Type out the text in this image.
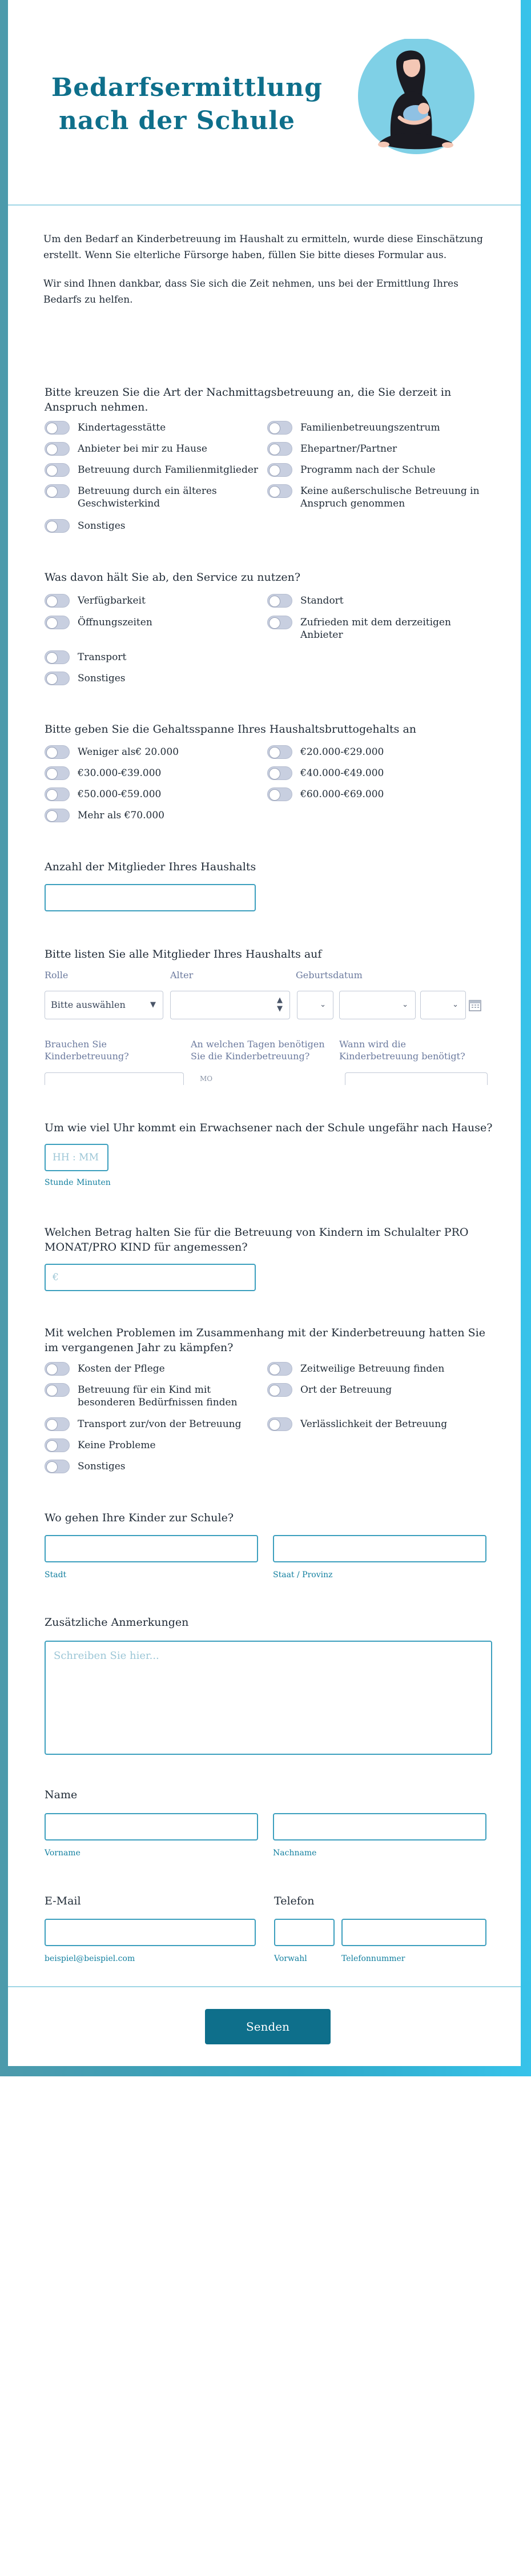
Bedarfsermittlung
nach der Schule

Um den Bedarf an Kinderbetreuung im Haushalt zu ermitteln, wurde diese Einschätzung erstellt. Wenn Sie elterliche Fürsorge haben, füllen Sie bitte dieses Formular aus.

Wir sind Ihnen dankbar, dass Sie sich die Zeit nehmen, uns bei der Ermittlung Ihres Bedarfs zu helfen.

Bitte kreuzen Sie die Art der Nachmittagsbetreuung an, die Sie derzeit in Anspruch nehmen.
Kindertagesstätte	Familienbetreuungszentrum
Anbieter bei mir zu Hause	Ehepartner/Partner
Betreuung durch Familienmitglieder	Programm nach der Schule
Betreuung durch ein älteres Geschwisterkind
Keine außerschulische Betreuung in Anspruch genommen
Sonstiges
Was davon hält Sie ab, den Service zu nutzen?
Verfügbarkeit	Standort
Öffnungszeiten	Zufrieden mit dem derzeitigen Anbieter
Transport
Sonstiges
Bitte geben Sie die Gehaltsspanne Ihres Haushaltsbruttogehalts an
Weniger als€ 20.000	€20.000-€29.000
€30.000-€39.000	€40.000-€49.000
€50.000-€59.000	€60.000-€69.000
Mehr als €70.000
Anzahl der Mitglieder Ihres Haushalts
Bitte listen Sie alle Mitglieder Ihres Haushalts auf
Rolle	Alter	Geburtsdatum
Bitte auswählen	▼
▲
▼	⌄	⌄	⌄
Brauchen Sie Kinderbetreuung?
An welchen Tagen benötigen Sie die Kinderbetreuung?
Wann wird die Kinderbetreuung benötigt?
MO
Um wie viel Uhr kommt ein Erwachsener nach der Schule ungefähr nach Hause?
HH : MM
Stunde Minuten
Welchen Betrag halten Sie für die Betreuung von Kindern im Schulalter PRO
MONAT/PRO KIND für angemessen?
€
Mit welchen Problemen im Zusammenhang mit der Kinderbetreuung hatten Sie im vergangenen Jahr zu kämpfen?
Kosten der Pflege	Zeitweilige Betreuung finden
Betreuung für ein Kind mit besonderen Bedürfnissen finden
Ort der Betreuung
Transport zur/von der Betreuung	Verlässlichkeit der Betreuung
Keine Probleme
Sonstiges
Wo gehen Ihre Kinder zur Schule?
Stadt	Staat / Provinz
Zusätzliche Anmerkungen
Schreiben Sie hier...
Name
Vorname	Nachname
E-Mail
beispiel@beispiel.com
Telefon
Vorwahl	Telefonnummer
Senden
